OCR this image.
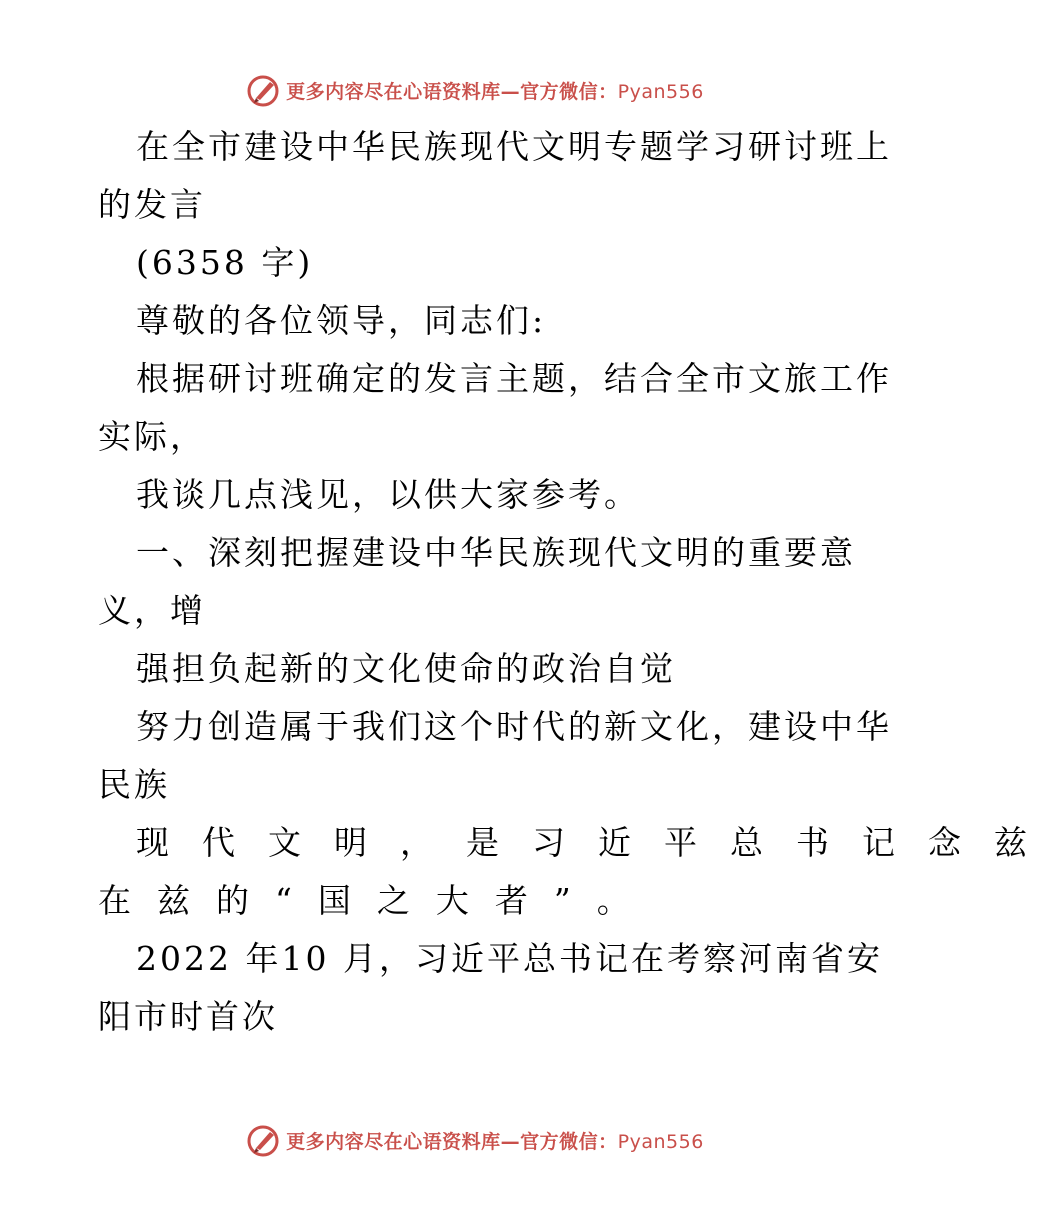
更多内容尽在心语资料库—官方微信：Pyan556
在全市建设中华民族现代文明专题学习研讨班上
的发言
(6358 字)
尊敬的各位领导，同志们:
根据研讨班确定的发言主题，结合全市文旅工作
实际，
我谈几点浅见，以供大家参考。
一、深刻把握建设中华民族现代文明的重要意
义，增
强担负起新的文化使命的政治自觉
努力创造属于我们这个时代的新文化，建设中华
民族
现代文明，是习近平总书记念兹
在兹的“国之大者”。
2022 年10 月，习近平总书记在考察河南省安
阳市时首次
更多内容尽在心语资料库—官方微信：Pyan556
